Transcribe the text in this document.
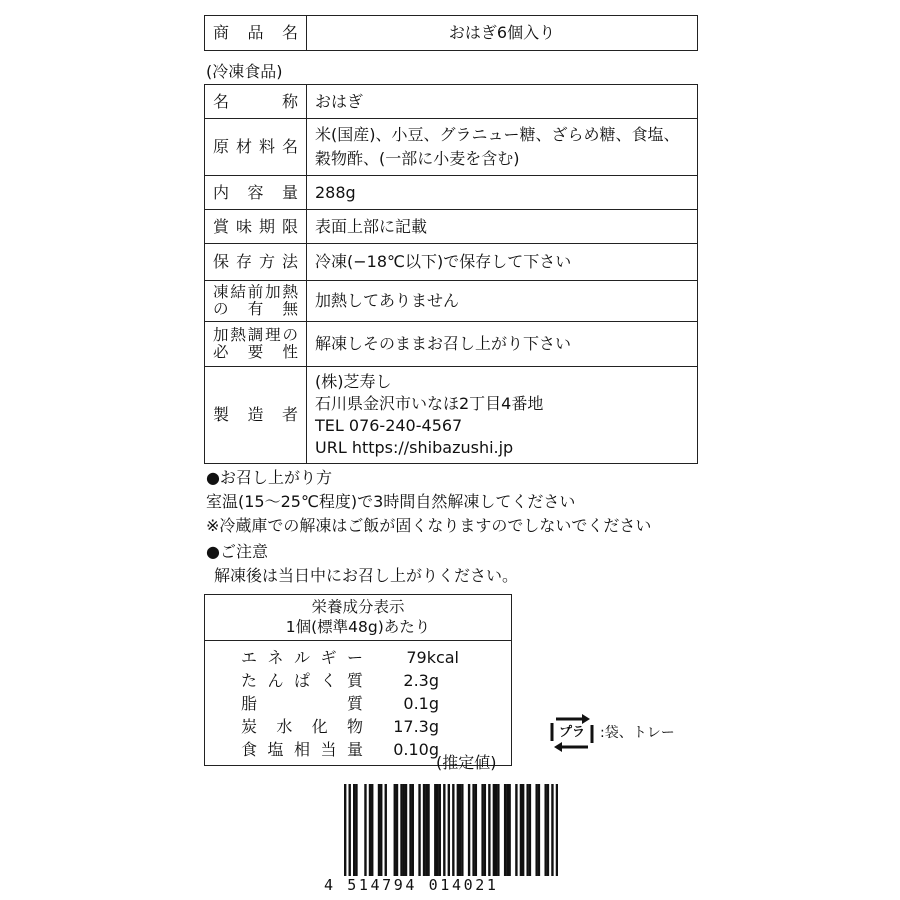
商品名	おはぎ6個入り
(冷凍食品)
名称	おはぎ
原材料名	米(国産)、小豆、グラニュー糖、ざらめ糖、食塩、
穀物酢、(一部に小麦を含む)
内容量	288g
賞味期限	表面上部に記載
保存方法	冷凍(−18℃以下)で保存して下さい

凍結前加熱
の有無	加熱してありません

加熱調理の
必要性	解凍しそのままお召し上がり下さい
製造者	(株)芝寿し
石川県金沢市いなほ2丁目4番地
TEL 076-240-4567
URL https://shibazushi.jp
●お召し上がり方
室温(15〜25℃程度)で3時間自然解凍してください
※冷蔵庫での解凍はご飯が固くなりますのでしないでください
●ご注意
解凍後は当日中にお召し上がりください。
栄養成分表示
1個(標準48g)あたり
エネルギー	79kcal
たんぱく質	2.3g
脂質	0.1g
炭水化物 17.3g
食塩相当量 0.10g
(推定値)
プラ :袋、トレー
4 514794 014021
